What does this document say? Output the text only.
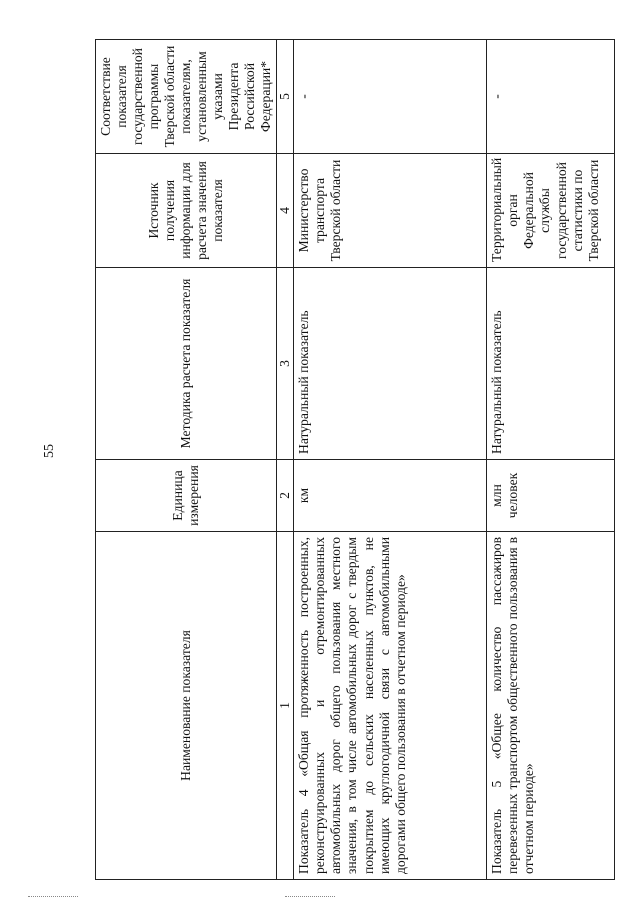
55
Наименование показателя	Единица измерения	Методика расчета показателя	Источник получения информации для расчета значения показателя	Соответствие показателя государственной программы Тверской области показателям, установленным указами Президента Российской Федерации*
1	2	3	4	5
Показатель 4 «Общая протяженность построенных, реконструированных и отремонтированных автомобильных дорог общего пользования местного значения, в том числе автомобильных дорог с твердым покрытием до сельских населенных пунктов, не имеющих круглогодичной связи с автомобильными дорогами общего пользования в отчетном периоде»	км	Натуральный показатель	Министерство транспорта Тверской области	-
Показатель 5 «Общее количество пассажиров перевезенных транспортом общественного пользования в отчетном периоде»	млн человек	Натуральный показатель	Территориальный орган Федеральной службы государственной статистики по Тверской области	-
